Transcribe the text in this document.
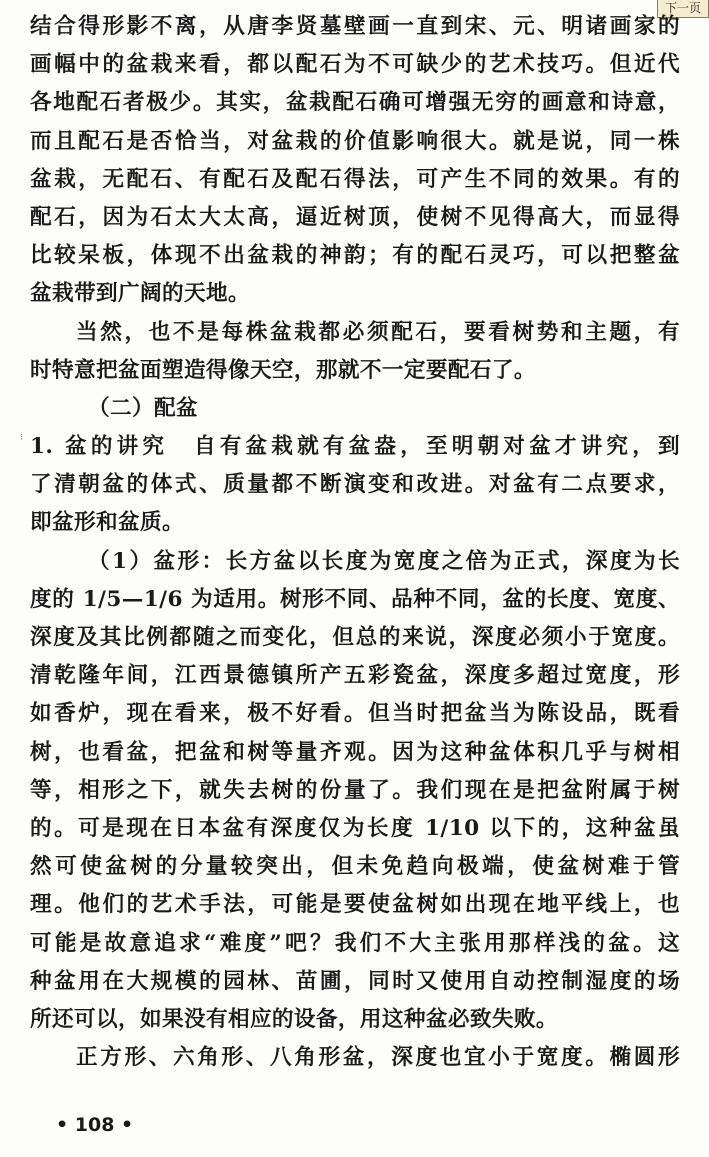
下一页
⁝
结合得形影不离，从唐李贤墓壁画一直到宋、元、明诸画家的
画幅中的盆栽来看，都以配石为不可缺少的艺术技巧。但近代
各地配石者极少。其实，盆栽配石确可增强无穷的画意和诗意，
而且配石是否恰当，对盆栽的价值影响很大。就是说，同一株
盆栽，无配石、有配石及配石得法，可产生不同的效果。有的
配石，因为石太大太高，逼近树顶，使树不见得高大，而显得
比较呆板，体现不出盆栽的神韵；有的配石灵巧，可以把整盆
盆栽带到广阔的天地。
当然，也不是每株盆栽都必须配石，要看树势和主题，有
时特意把盆面塑造得像天空，那就不一定要配石了。
（二）配盆
1. 盆的讲究　自有盆栽就有盆盎，至明朝对盆才讲究，到
了清朝盆的体式、质量都不断演变和改进。对盆有二点要求，
即盆形和盆质。
（1）盆形：长方盆以长度为宽度之倍为正式，深度为长
度的 1/5—1/6 为适用。树形不同、品种不同，盆的长度、宽度、
深度及其比例都随之而变化，但总的来说，深度必须小于宽度。
清乾隆年间，江西景德镇所产五彩瓷盆，深度多超过宽度，形
如香炉，现在看来，极不好看。但当时把盆当为陈设品，既看
树，也看盆，把盆和树等量齐观。因为这种盆体积几乎与树相
等，相形之下，就失去树的份量了。我们现在是把盆附属于树
的。可是现在日本盆有深度仅为长度 1/10 以下的，这种盆虽
然可使盆树的分量较突出，但未免趋向极端，使盆树难于管
理。他们的艺术手法，可能是要使盆树如出现在地平线上，也
可能是故意追求“难度”吧？我们不大主张用那样浅的盆。这
种盆用在大规模的园林、苗圃，同时又使用自动控制湿度的场
所还可以，如果没有相应的设备，用这种盆必致失败。
正方形、六角形、八角形盆，深度也宜小于宽度。椭圆形
• 108 •
